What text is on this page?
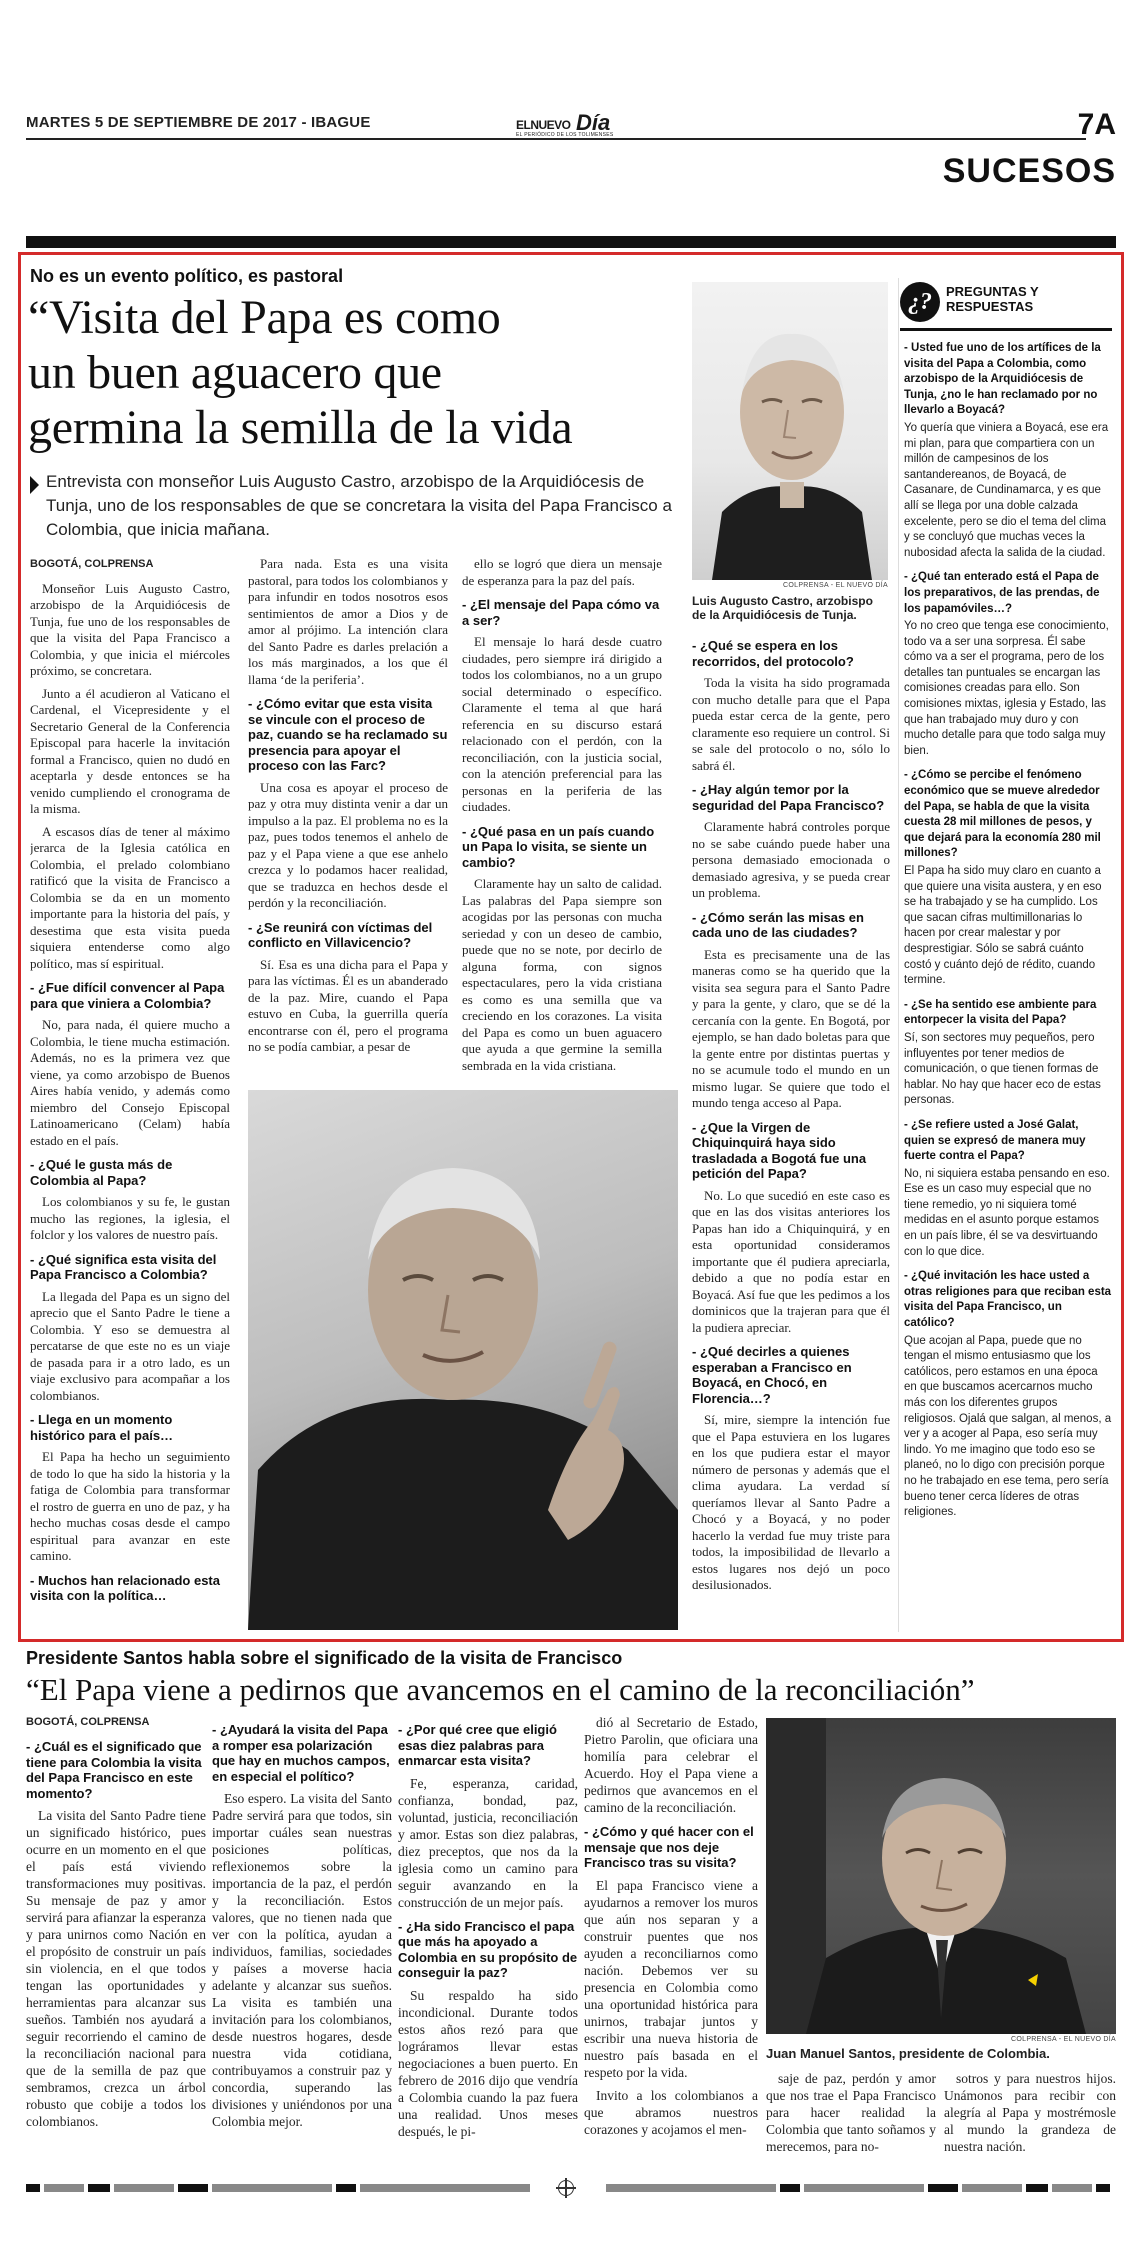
MARTES 5 DE SEPTIEMBRE DE 2017 - IBAGUE	ELNUEVO Día
EL PERIÓDICO DE LOS TOLIMENSES	7A
SUCESOS
No es un evento político, es pastoral
“Visita del Papa es como
un buen aguacero que
germina la semilla de la vida
Entrevista con monseñor Luis Augusto Castro, arzobispo de la Arquidiócesis de Tunja, uno de los responsables de que se concretara la visita del Papa Francisco a Colombia, que inicia mañana.
COLPRENSA - EL NUEVO DÍA
Luis Augusto Castro, arzobispo de la Arquidiócesis de Tunja.

BOGOTÁ, COLPRENSA

Monseñor Luis Augusto Castro, arzobispo de la Arquidiócesis de Tunja, fue uno de los responsables de que la visita del Papa Francisco a Colombia, y que inicia el miércoles próximo, se concretara.

Junto a él acudieron al Vaticano el Cardenal, el Vicepresidente y el Secretario General de la Conferencia Episcopal para hacerle la invitación formal a Francisco, quien no dudó en aceptarla y desde entonces se ha venido cumpliendo el cronograma de la misma.

A escasos días de tener al máximo jerarca de la Iglesia católica en Colombia, el prelado colombiano ratificó que la visita de Francisco a Colombia se da en un momento importante para la historia del país, y desestima que esta visita pueda siquiera entenderse como algo político, mas sí espiritual.

- ¿Fue difícil convencer al Papa para que viniera a Colombia?

No, para nada, él quiere mucho a Colombia, le tiene mucha estimación. Además, no es la primera vez que viene, ya como arzobispo de Buenos Aires había venido, y además como miembro del Consejo Episcopal Latinoamericano (Celam) había estado en el país.

- ¿Qué le gusta más de Colombia al Papa?

Los colombianos y su fe, le gustan mucho las regiones, la iglesia, el folclor y los valores de nuestro país.

- ¿Qué significa esta visita del Papa Francisco a Colombia?

La llegada del Papa es un signo del aprecio que el Santo Padre le tiene a Colombia. Y eso se demuestra al percatarse de que este no es un viaje de pasada para ir a otro lado, es un viaje exclusivo para acompañar a los colombianos.

- Llega en un momento histórico para el país…

El Papa ha hecho un seguimiento de todo lo que ha sido la historia y la fatiga de Colombia para transformar el rostro de guerra en uno de paz, y ha hecho muchas cosas desde el campo espiritual para avanzar en este camino.

- Muchos han relacionado esta visita con la política…

Para nada. Esta es una visita pastoral, para todos los colombianos y para infundir en todos nosotros esos sentimientos de amor a Dios y de amor al prójimo. La intención clara del Santo Padre es darles prelación a los más marginados, a los que él llama ‘de la periferia’.

- ¿Cómo evitar que esta visita se vincule con el proceso de paz, cuando se ha reclamado su presencia para apoyar el proceso con las Farc?

Una cosa es apoyar el proceso de paz y otra muy distinta venir a dar un impulso a la paz. El problema no es la paz, pues todos tenemos el anhelo de paz y el Papa viene a que ese anhelo crezca y lo podamos hacer realidad, que se traduzca en hechos desde el perdón y la reconciliación.

- ¿Se reunirá con víctimas del conflicto en Villavicencio?

Sí. Esa es una dicha para el Papa y para las víctimas. Él es un abanderado de la paz. Mire, cuando el Papa estuvo en Cuba, la guerrilla quería encontrarse con él, pero el programa no se podía cambiar, a pesar de

ello se logró que diera un mensaje de esperanza para la paz del país.

- ¿El mensaje del Papa cómo va a ser?

El mensaje lo hará desde cuatro ciudades, pero siempre irá dirigido a todos los colombianos, no a un grupo social determinado o específico. Claramente el tema al que hará referencia en su discurso estará relacionado con el perdón, con la reconciliación, con la justicia social, con la atención preferencial para las personas en la periferia de las ciudades.

- ¿Qué pasa en un país cuando un Papa lo visita, se siente un cambio?

Claramente hay un salto de calidad. Las palabras del Papa siempre son acogidas por las personas con mucha seriedad y con un deseo de cambio, puede que no se note, por decirlo de alguna forma, con signos espectaculares, pero la vida cristiana es como es una semilla que va creciendo en los corazones. La visita del Papa es como un buen aguacero que ayuda a que germine la semilla sembrada en la vida cristiana.

- ¿Qué se espera en los recorridos, del protocolo?

Toda la visita ha sido programada con mucho detalle para que el Papa pueda estar cerca de la gente, pero claramente eso requiere un control. Si se sale del protocolo o no, sólo lo sabrá él.

- ¿Hay algún temor por la seguridad del Papa Francisco?

Claramente habrá controles porque no se sabe cuándo puede haber una persona demasiado emocionada o demasiado agresiva, y se pueda crear un problema.

- ¿Cómo serán las misas en cada uno de las ciudades?

Esta es precisamente una de las maneras como se ha querido que la visita sea segura para el Santo Padre y para la gente, y claro, que se dé la cercanía con la gente. En Bogotá, por ejemplo, se han dado boletas para que la gente entre por distintas puertas y no se acumule todo el mundo en un mismo lugar. Se quiere que todo el mundo tenga acceso al Papa.

- ¿Que la Virgen de Chiquinquirá haya sido trasladada a Bogotá fue una petición del Papa?

No. Lo que sucedió en este caso es que en las dos visitas anteriores los Papas han ido a Chiquinquirá, y en esta oportunidad consideramos importante que él pudiera apreciarla, debido a que no podía estar en Boyacá. Así fue que les pedimos a los dominicos que la trajeran para que él la pudiera apreciar.

- ¿Qué decirles a quienes esperaban a Francisco en Boyacá, en Chocó, en Florencia…?

Sí, mire, siempre la intención fue que el Papa estuviera en los lugares en los que pudiera estar el mayor número de personas y además que el clima ayudara. La verdad sí queríamos llevar al Santo Padre a Chocó y a Boyacá, y no poder hacerlo la verdad fue muy triste para todos, la imposibilidad de llevarlo a estos lugares nos dejó un poco desilusionados.

¿?	PREGUNTAS Y
RESPUESTAS

- Usted fue uno de los artífices de la visita del Papa a Colombia, como arzobispo de la Arquidiócesis de Tunja, ¿no le han reclamado por no llevarlo a Boyacá?

Yo quería que viniera a Boyacá, ese era mi plan, para que compartiera con un millón de campesinos de los santandereanos, de Boyacá, de Casanare, de Cundinamarca, y es que allí se llega por una doble calzada excelente, pero se dio el tema del clima y se concluyó que muchas veces la nubosidad afecta la salida de la ciudad.

- ¿Qué tan enterado está el Papa de los preparativos, de las prendas, de los papamóviles…?

Yo no creo que tenga ese conocimiento, todo va a ser una sorpresa. Él sabe cómo va a ser el programa, pero de los detalles tan puntuales se encargan las comisiones creadas para ello. Son comisiones mixtas, iglesia y Estado, las que han trabajado muy duro y con mucho detalle para que todo salga muy bien.

- ¿Cómo se percibe el fenómeno económico que se mueve alrededor del Papa, se habla de que la visita cuesta 28 mil millones de pesos, y que dejará para la economía 280 mil millones?

El Papa ha sido muy claro en cuanto a que quiere una visita austera, y en eso se ha trabajado y se ha cumplido. Los que sacan cifras multimillonarias lo hacen por crear malestar y por desprestigiar. Sólo se sabrá cuánto costó y cuánto dejó de rédito, cuando termine.

- ¿Se ha sentido ese ambiente para entorpecer la visita del Papa?

Sí, son sectores muy pequeños, pero influyentes por tener medios de comunicación, o que tienen formas de hablar. No hay que hacer eco de estas personas.

- ¿Se refiere usted a José Galat, quien se expresó de manera muy fuerte contra el Papa?

No, ni siquiera estaba pensando en eso. Ese es un caso muy especial que no tiene remedio, yo ni siquiera tomé medidas en el asunto porque estamos en un país libre, él se va desvirtuando con lo que dice.

- ¿Qué invitación les hace usted a otras religiones para que reciban esta visita del Papa Francisco, un católico?

Que acojan al Papa, puede que no tengan el mismo entusiasmo que los católicos, pero estamos en una época en que buscamos acercarnos mucho más con los diferentes grupos religiosos. Ojalá que salgan, al menos, a ver y a acoger al Papa, eso sería muy lindo. Yo me imagino que todo eso se planeó, no lo digo con precisión porque no he trabajado en ese tema, pero sería bueno tener cerca líderes de otras religiones.

Presidente Santos habla sobre el significado de la visita de Francisco
“El Papa viene a pedirnos que avancemos en el camino de la reconciliación”

BOGOTÁ, COLPRENSA

- ¿Cuál es el significado que tiene para Colombia la visita del Papa Francisco en este momento?

La visita del Santo Padre tiene un significado histórico, pues ocurre en un momento en el que el país está viviendo transformaciones muy positivas. Su mensaje de paz y amor servirá para afianzar la esperanza y para unirnos como Nación en el propósito de construir un país sin violencia, en el que todos tengan las oportunidades y herramientas para alcanzar sus sueños. También nos ayudará a seguir recorriendo el camino de la reconciliación nacional para que de la semilla de paz que sembramos, crezca un árbol robusto que cobije a todos los colombianos.

- ¿Ayudará la visita del Papa a romper esa polarización que hay en muchos campos, en especial el político?

Eso espero. La visita del Santo Padre servirá para que todos, sin importar cuáles sean nuestras posiciones políticas, reflexionemos sobre la importancia de la paz, el perdón y la reconciliación. Estos valores, que no tienen nada que ver con la política, ayudan a individuos, familias, sociedades y países a moverse hacia adelante y alcanzar sus sueños. La visita es también una invitación para los colombianos, desde nuestros hogares, desde nuestra vida cotidiana, contribuyamos a construir paz y concordia, superando las divisiones y uniéndonos por una Colombia mejor.

- ¿Por qué cree que eligió esas diez palabras para enmarcar esta visita?

Fe, esperanza, caridad, confianza, bondad, paz, voluntad, justicia, reconciliación y amor. Estas son diez palabras, diez preceptos, que nos da la iglesia como un camino para seguir avanzando en la construcción de un mejor país.

- ¿Ha sido Francisco el papa que más ha apoyado a Colombia en su propósito de conseguir la paz?

Su respaldo ha sido incondicional. Durante todos estos años rezó para que lográramos llevar estas negociaciones a buen puerto. En febrero de 2016 dijo que vendría a Colombia cuando la paz fuera una realidad. Unos meses después, le pi-

dió al Secretario de Estado, Pietro Parolin, que oficiara una homilía para celebrar el Acuerdo. Hoy el Papa viene a pedirnos que avancemos en el camino de la reconciliación.

- ¿Cómo y qué hacer con el mensaje que nos deje Francisco tras su visita?

El papa Francisco viene a ayudarnos a remover los muros que aún nos separan y a construir puentes que nos ayuden a reconciliarnos como nación. Debemos ver su presencia en Colombia como una oportunidad histórica para unirnos, trabajar juntos y escribir una nueva historia de nuestro país basada en el respeto por la vida.

Invito a los colombianos a que abramos nuestros corazones y acojamos el men-

COLPRENSA - EL NUEVO DÍA
Juan Manuel Santos, presidente de Colombia.

saje de paz, perdón y amor que nos trae el Papa Francisco para hacer realidad la Colombia que tanto soñamos y merecemos, para no-

sotros y para nuestros hijos. Unámonos para recibir con alegría al Papa y mostrémosle al mundo la grandeza de nuestra nación.
